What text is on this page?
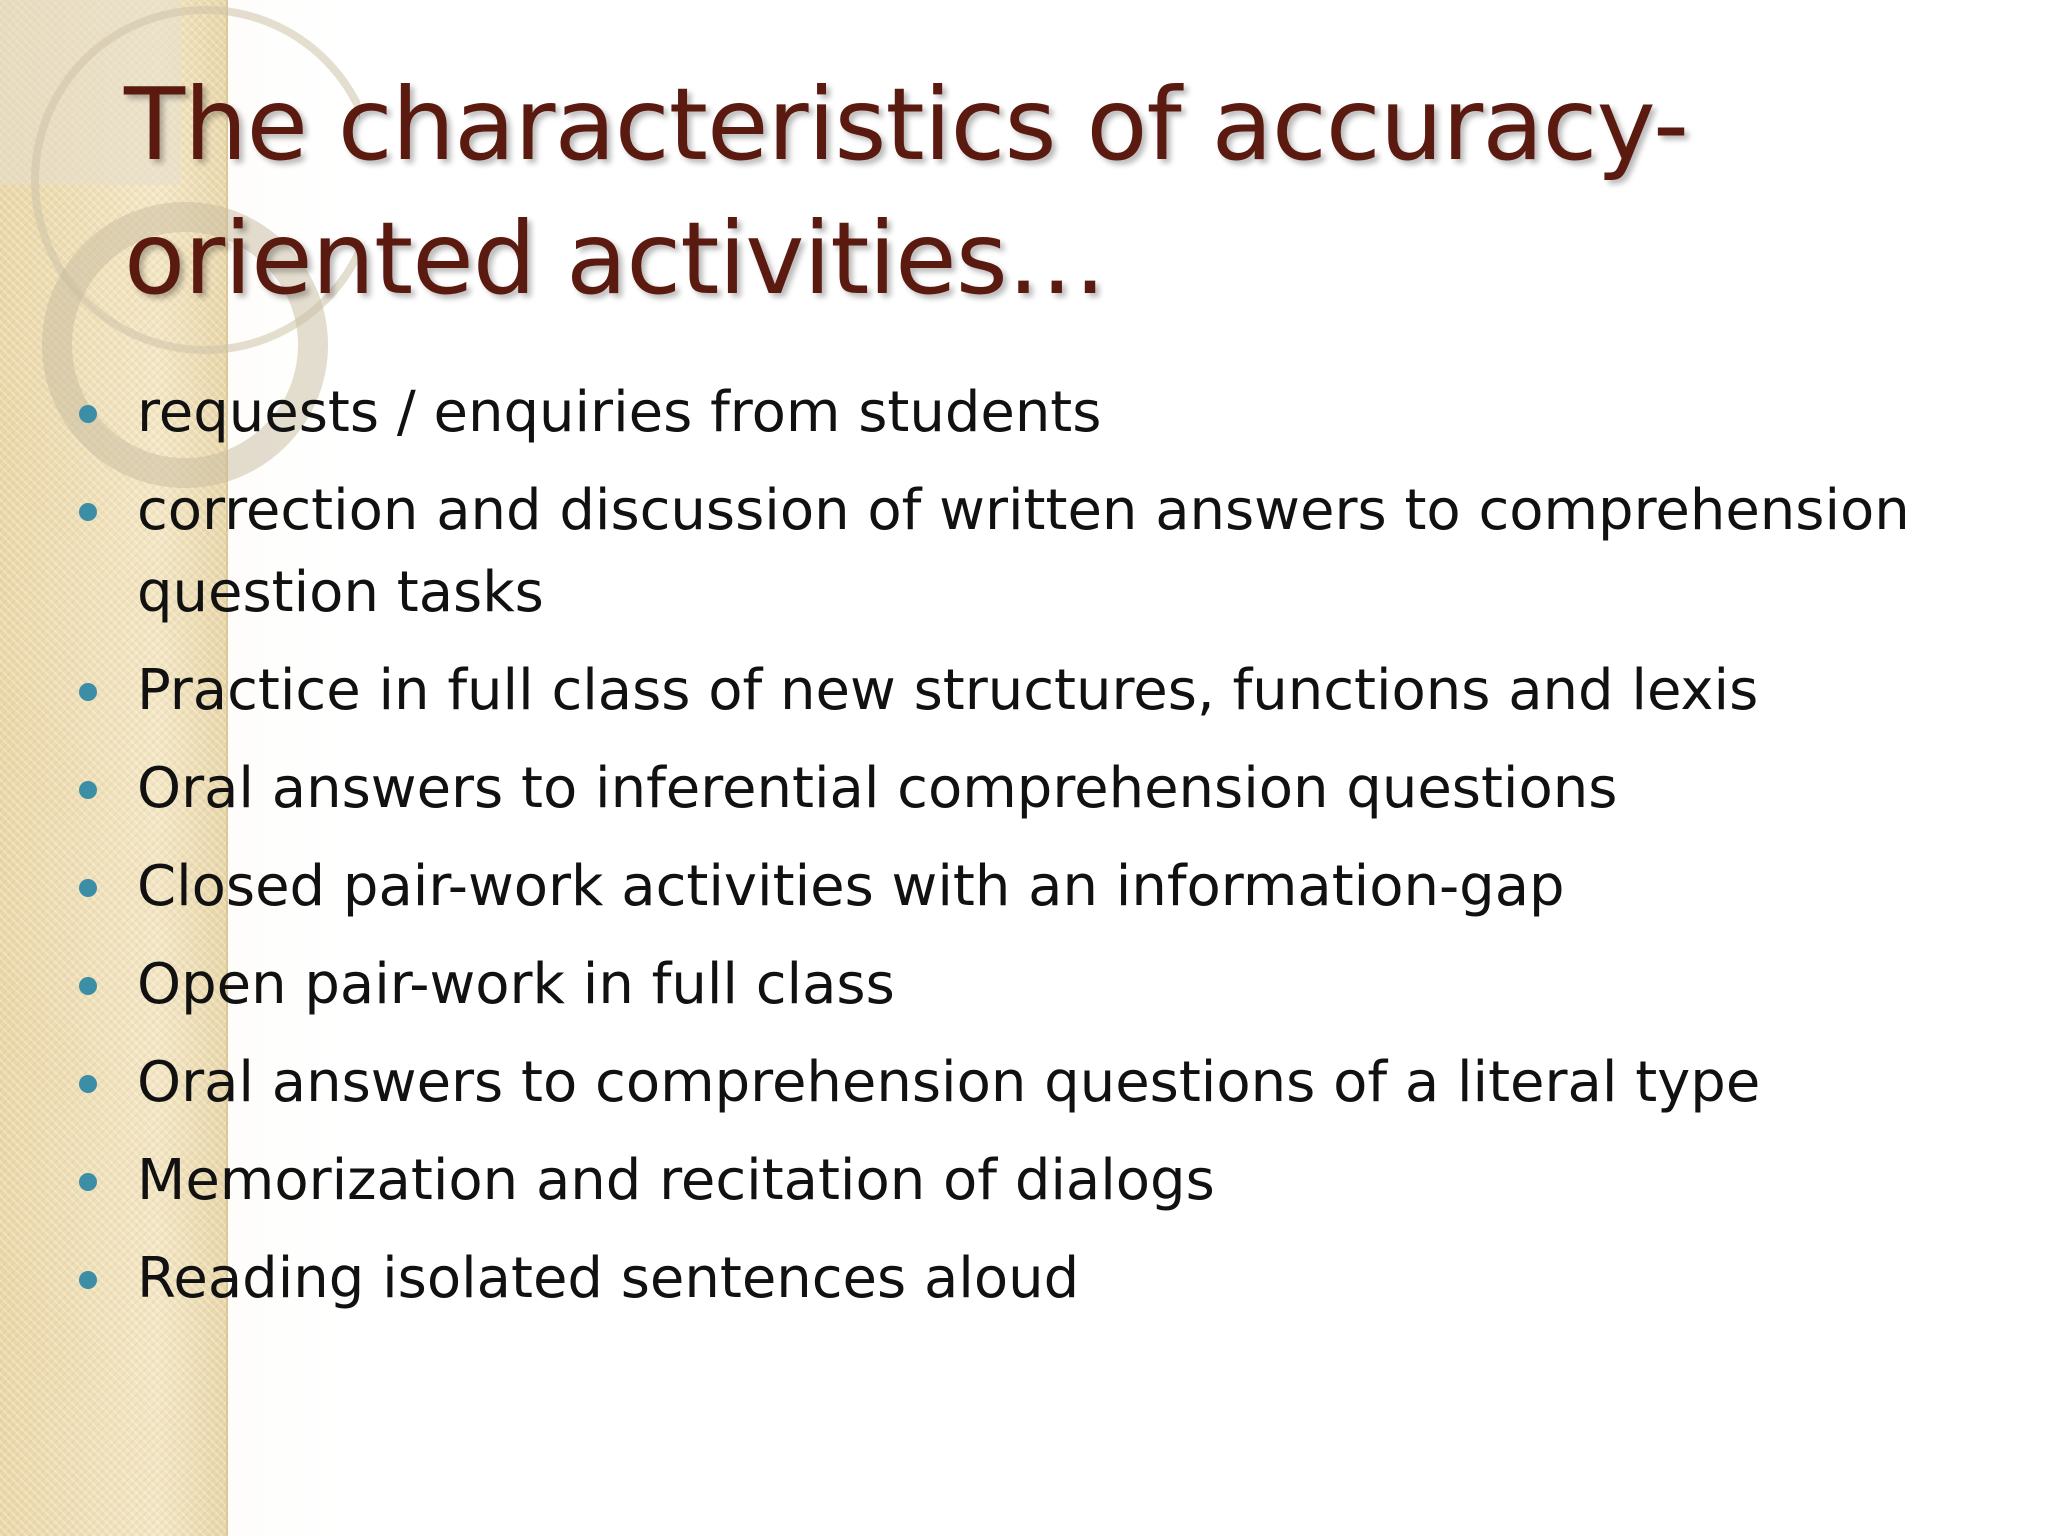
The characteristics of accuracy-oriented activities…
requests / enquiries from students
correction and discussion of written answers to comprehension question tasks
Practice in full class of new structures, functions and lexis
Oral answers to inferential comprehension questions
Closed pair-work activities with an information-gap
Open pair-work in full class
Oral answers to comprehension questions of a literal type
Memorization and recitation of dialogs
Reading isolated sentences aloud
